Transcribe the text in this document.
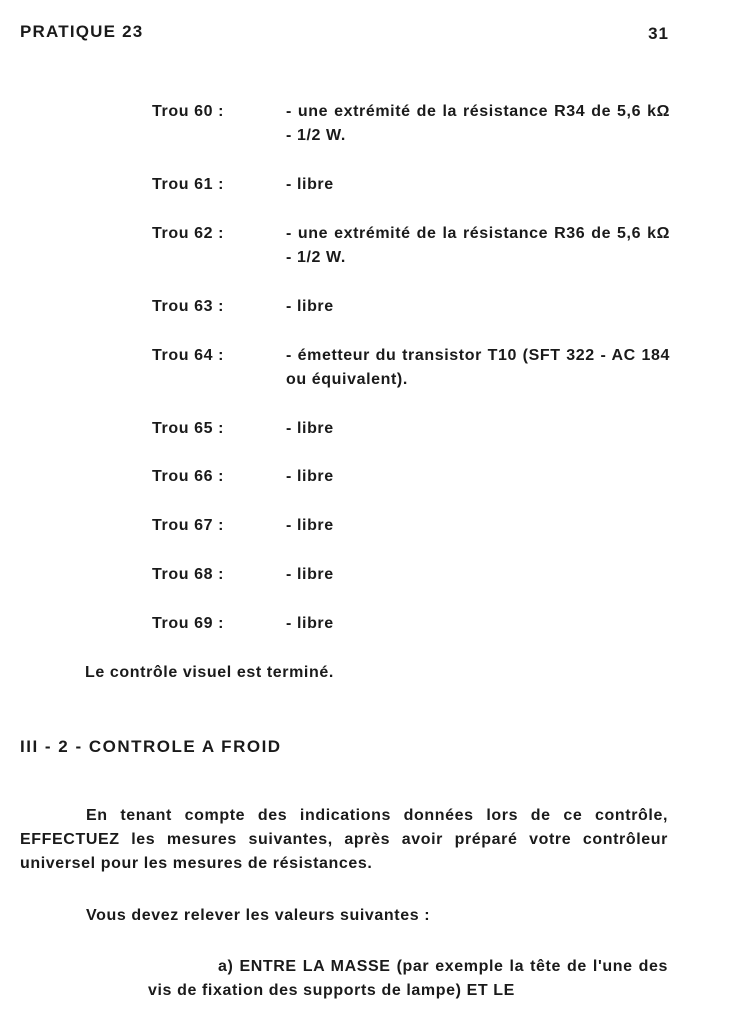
PRATIQUE 23	31
Trou 60 :	- une extrémité de la résistance R34 de 5,6 kΩ - 1/2 W.
Trou 61 :	- libre
Trou 62 :	- une extrémité de la résistance R36 de 5,6 kΩ - 1/2 W.
Trou 63 :	- libre
Trou 64 :	- émetteur du transistor T10 (SFT 322 - AC 184 ou équivalent).
Trou 65 :	- libre
Trou 66 :	- libre
Trou 67 :	- libre
Trou 68 :	- libre
Trou 69 :	- libre
Le contrôle visuel est terminé.
III - 2 - CONTROLE A FROID
En tenant compte des indications données lors de ce contrôle, EFFECTUEZ les mesures suivantes, après avoir préparé votre contrôleur universel pour les mesures de résistances.
Vous devez relever les valeurs suivantes :
a) ENTRE LA MASSE (par exemple la tête de l'une des vis de fixation des supports de lampe) ET LE
